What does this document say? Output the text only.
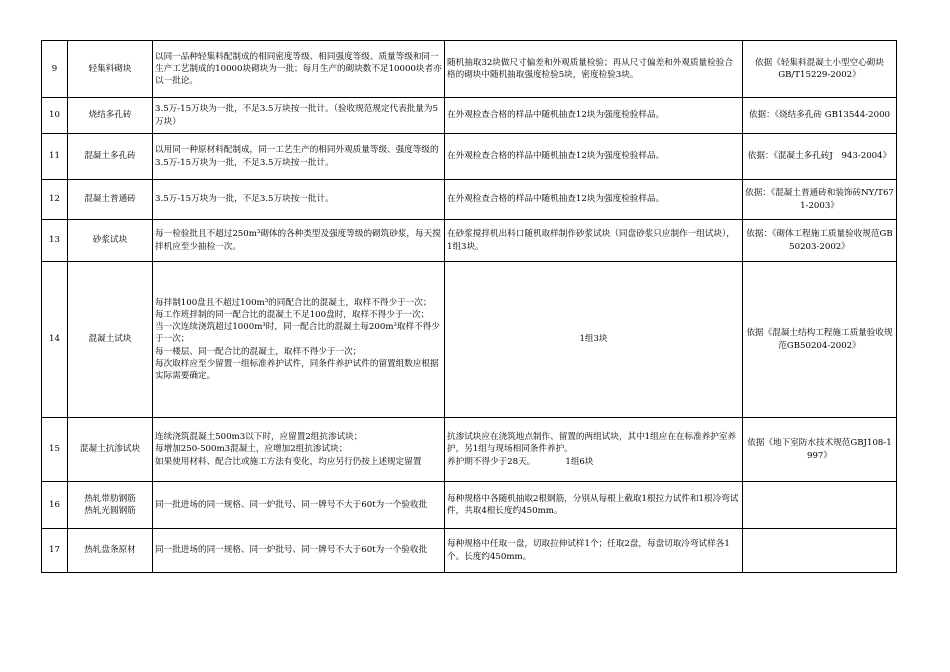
9	轻集料砌块	以同一品种轻集料配制成的相同密度等级、相同强度等级、质量等级和同一生产工艺制成的10000块砌块为一批；每月生产的砌块数不足10000块者亦以一批论。	随机抽取32块做尺寸偏差和外观质量检验；再从尺寸偏差和外观质量检验合格的砌块中随机抽取强度检验5块，密度检验3块。	依据《轻集料混凝土小型空心砌块　　GB/T15229-2002》
10	烧结多孔砖	3.5万-15万块为一批，不足3.5万块按一批计。（验收规范规定代表批量为5万块）	在外观检查合格的样品中随机抽查12块为强度检验样品。	依据：《烧结多孔砖 GB13544-2000
11	混凝土多孔砖	以用同一种原材料配制成，同一工艺生产的相同外观质量等级、强度等级的3.5万-15万块为一批，不足3.5万块按一批计。	在外观检查合格的样品中随机抽查12块为强度检验样品。	依据：《混凝土多孔砖J　943-2004》
12	混凝土普通砖	3.5万-15万块为一批，不足3.5万块按一批计。	在外观检查合格的样品中随机抽查12块为强度检验样品。	依据：《混凝土普通砖和装饰砖NY/T671-2003》
13	砂浆试块	每一检验批且不超过250m³砌体的各种类型及强度等级的砌筑砂浆，每天搅拌机应至少抽检一次。	在砂浆搅拌机出料口随机取样制作砂浆试块（同盘砂浆只应制作一组试块），1组3块。	依据：《砌体工程施工质量验收规范GB50203-2002》
14	混凝土试块	每拌制100盘且不超过100m³的同配合比的混凝土，取样不得少于一次；
每工作班拌制的同一配合比的混凝土不足100盘时，取样不得少于一次；
当一次连续浇筑超过1000m³时，同一配合比的混凝土每200m³取样不得少于一次；
每一楼层、同一配合比的混凝土，取样不得少于一次；
每次取样应至少留置一组标准养护试件，同条件养护试件的留置组数应根据实际需要确定。	1组3块	依据《混凝土结构工程施工质量验收规范GB50204-2002》
15	混凝土抗渗试块	连续浇筑混凝土500m3以下时，应留置2组抗渗试块；
每增加250-500m3混凝土，应增加2组抗渗试块；
如果使用材料、配合比或施工方法有变化，均应另行仍按上述规定留置	抗渗试块应在浇筑地点制作、留置的两组试块，其中1组应在在标准养护室养护，另1组与现场相同条件养护。
养护期不得少于28天。　　　　1组6块	依据《地下室防水技术规范GBJ108-1997》
16	热轧带肋钢筋
热轧光圆钢筋	同一批进场的同一规格、同一炉批号、同一牌号不大于60t为一个验收批	每种规格中各随机抽取2根钢筋，分别从每根上截取1根拉力试件和1根冷弯试件，共取4根长度约450mm。	
17	热轧盘条原材	同一批进场的同一规格、同一炉批号、同一牌号不大于60t为一个验收批	每种规格中任取一盘，切取拉伸试样1个；任取2盘，每盘切取冷弯试样各1个。长度约450mm。	
